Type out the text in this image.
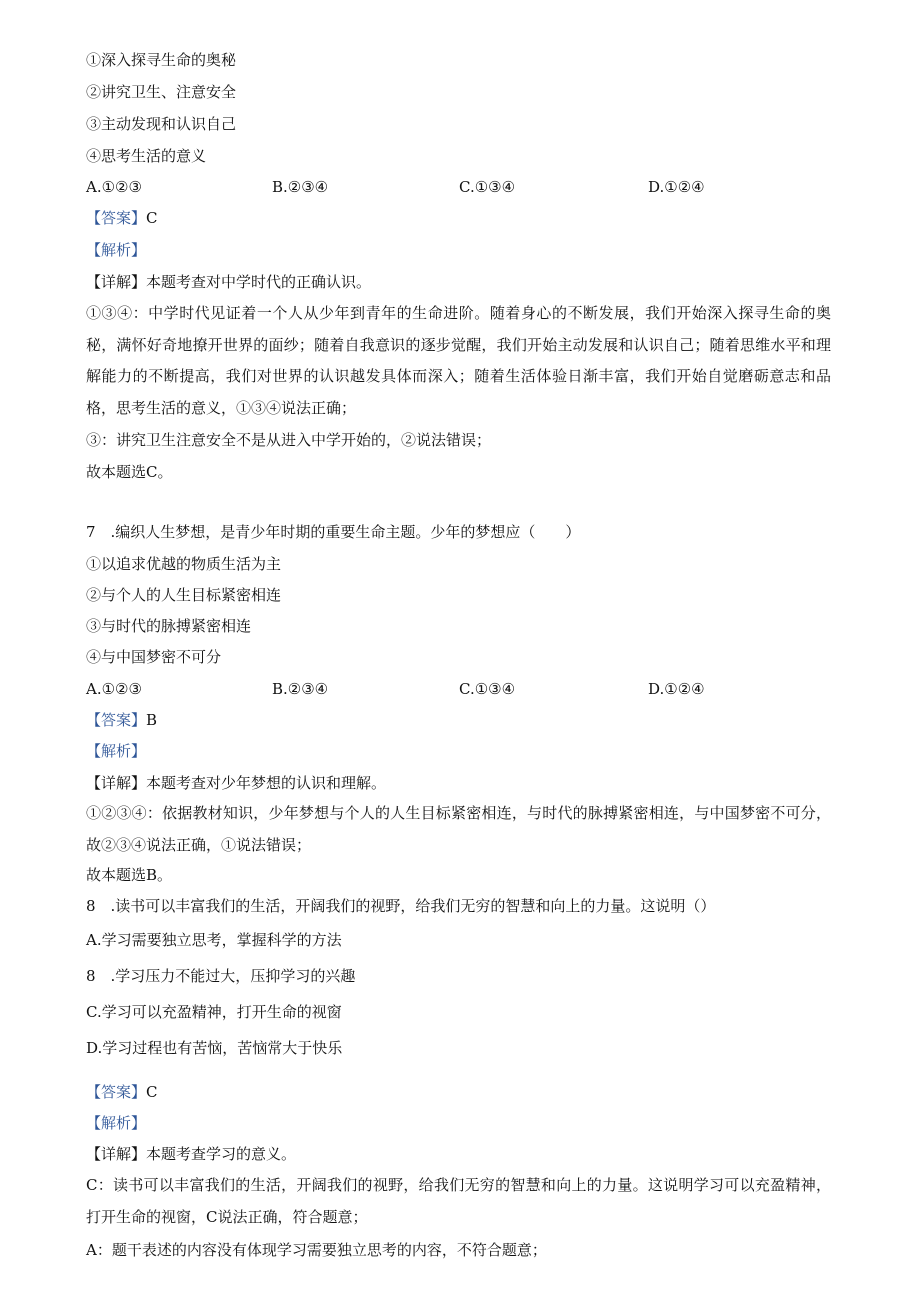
①深入探寻生命的奥秘
②讲究卫生、注意安全
③主动发现和认识自己
④思考生活的意义
A.①②③	B.②③④	C.①③④	D.①②④
【答案】C
【解析】
【详解】本题考查对中学时代的正确认识。
①③④：中学时代见证着一个人从少年到青年的生命进阶。随着身心的不断发展，我们开始深入探寻生命的奥秘，满怀好奇地撩开世界的面纱；随着自我意识的逐步觉醒，我们开始主动发展和认识自己；随着思维水平和理解能力的不断提高，我们对世界的认识越发具体而深入；随着生活体验日渐丰富，我们开始自觉磨砺意志和品格，思考生活的意义，①③④说法正确；
③：讲究卫生注意安全不是从进入中学开始的，②说法错误；
故本题选C。
7　.编织人生梦想，是青少年时期的重要生命主题。少年的梦想应（　　）
①以追求优越的物质生活为主
②与个人的人生目标紧密相连
③与时代的脉搏紧密相连
④与中国梦密不可分
A.①②③	B.②③④	C.①③④	D.①②④
【答案】B
【解析】
【详解】本题考查对少年梦想的认识和理解。
①②③④：依据教材知识，少年梦想与个人的人生目标紧密相连，与时代的脉搏紧密相连，与中国梦密不可分，故②③④说法正确，①说法错误；
故本题选B。
8　.读书可以丰富我们的生活，开阔我们的视野，给我们无穷的智慧和向上的力量。这说明（）
A.学习需要独立思考，掌握科学的方法
8　.学习压力不能过大，压抑学习的兴趣
C.学习可以充盈精神，打开生命的视窗
D.学习过程也有苦恼，苦恼常大于快乐
【答案】C
【解析】
【详解】本题考查学习的意义。
C：读书可以丰富我们的生活，开阔我们的视野，给我们无穷的智慧和向上的力量。这说明学习可以充盈精神，打开生命的视窗，C说法正确，符合题意；
A：题干表述的内容没有体现学习需要独立思考的内容，不符合题意；
